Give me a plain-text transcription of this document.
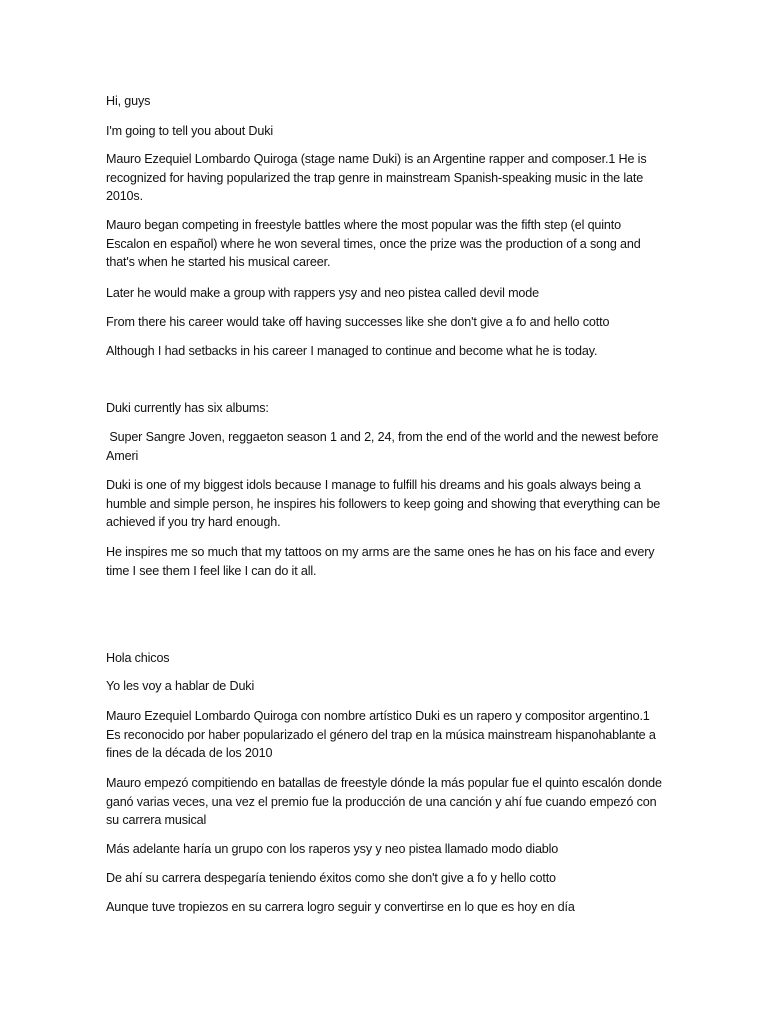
Hi, guys

I'm going to tell you about Duki

Mauro Ezequiel Lombardo Quiroga (stage name Duki) is an Argentine rapper and composer.1 He is recognized for having popularized the trap genre in mainstream Spanish-speaking music in the late 2010s.

Mauro began competing in freestyle battles where the most popular was the fifth step (el quinto Escalon en español) where he won several times, once the prize was the production of a song and that's when he started his musical career.

Later he would make a group with rappers ysy and neo pistea called devil mode

From there his career would take off having successes like she don't give a fo and hello cotto

Although I had setbacks in his career I managed to continue and become what he is today.

Duki currently has six albums:

Super Sangre Joven, reggaeton season 1 and 2, 24, from the end of the world and the newest before Ameri

Duki is one of my biggest idols because I manage to fulfill his dreams and his goals always being a humble and simple person, he inspires his followers to keep going and showing that everything can be achieved if you try hard enough.

He inspires me so much that my tattoos on my arms are the same ones he has on his face and every time I see them I feel like I can do it all.

Hola chicos

Yo les voy a hablar de Duki

Mauro Ezequiel Lombardo Quiroga con nombre artístico Duki es un rapero y compositor argentino.1 Es reconocido por haber popularizado el género del trap en la música mainstream hispanohablante a fines de la década de los 2010

Mauro empezó compitiendo en batallas de freestyle dónde la más popular fue el quinto escalón donde ganó varias veces, una vez el premio fue la producción de una canción y ahí fue cuando empezó con su carrera musical

Más adelante haría un grupo con los raperos ysy y neo pistea llamado modo diablo

De ahí su carrera despegaría teniendo éxitos como she don't give a fo y hello cotto

Aunque tuve tropiezos en su carrera logro seguir y convertirse en lo que es hoy en día
